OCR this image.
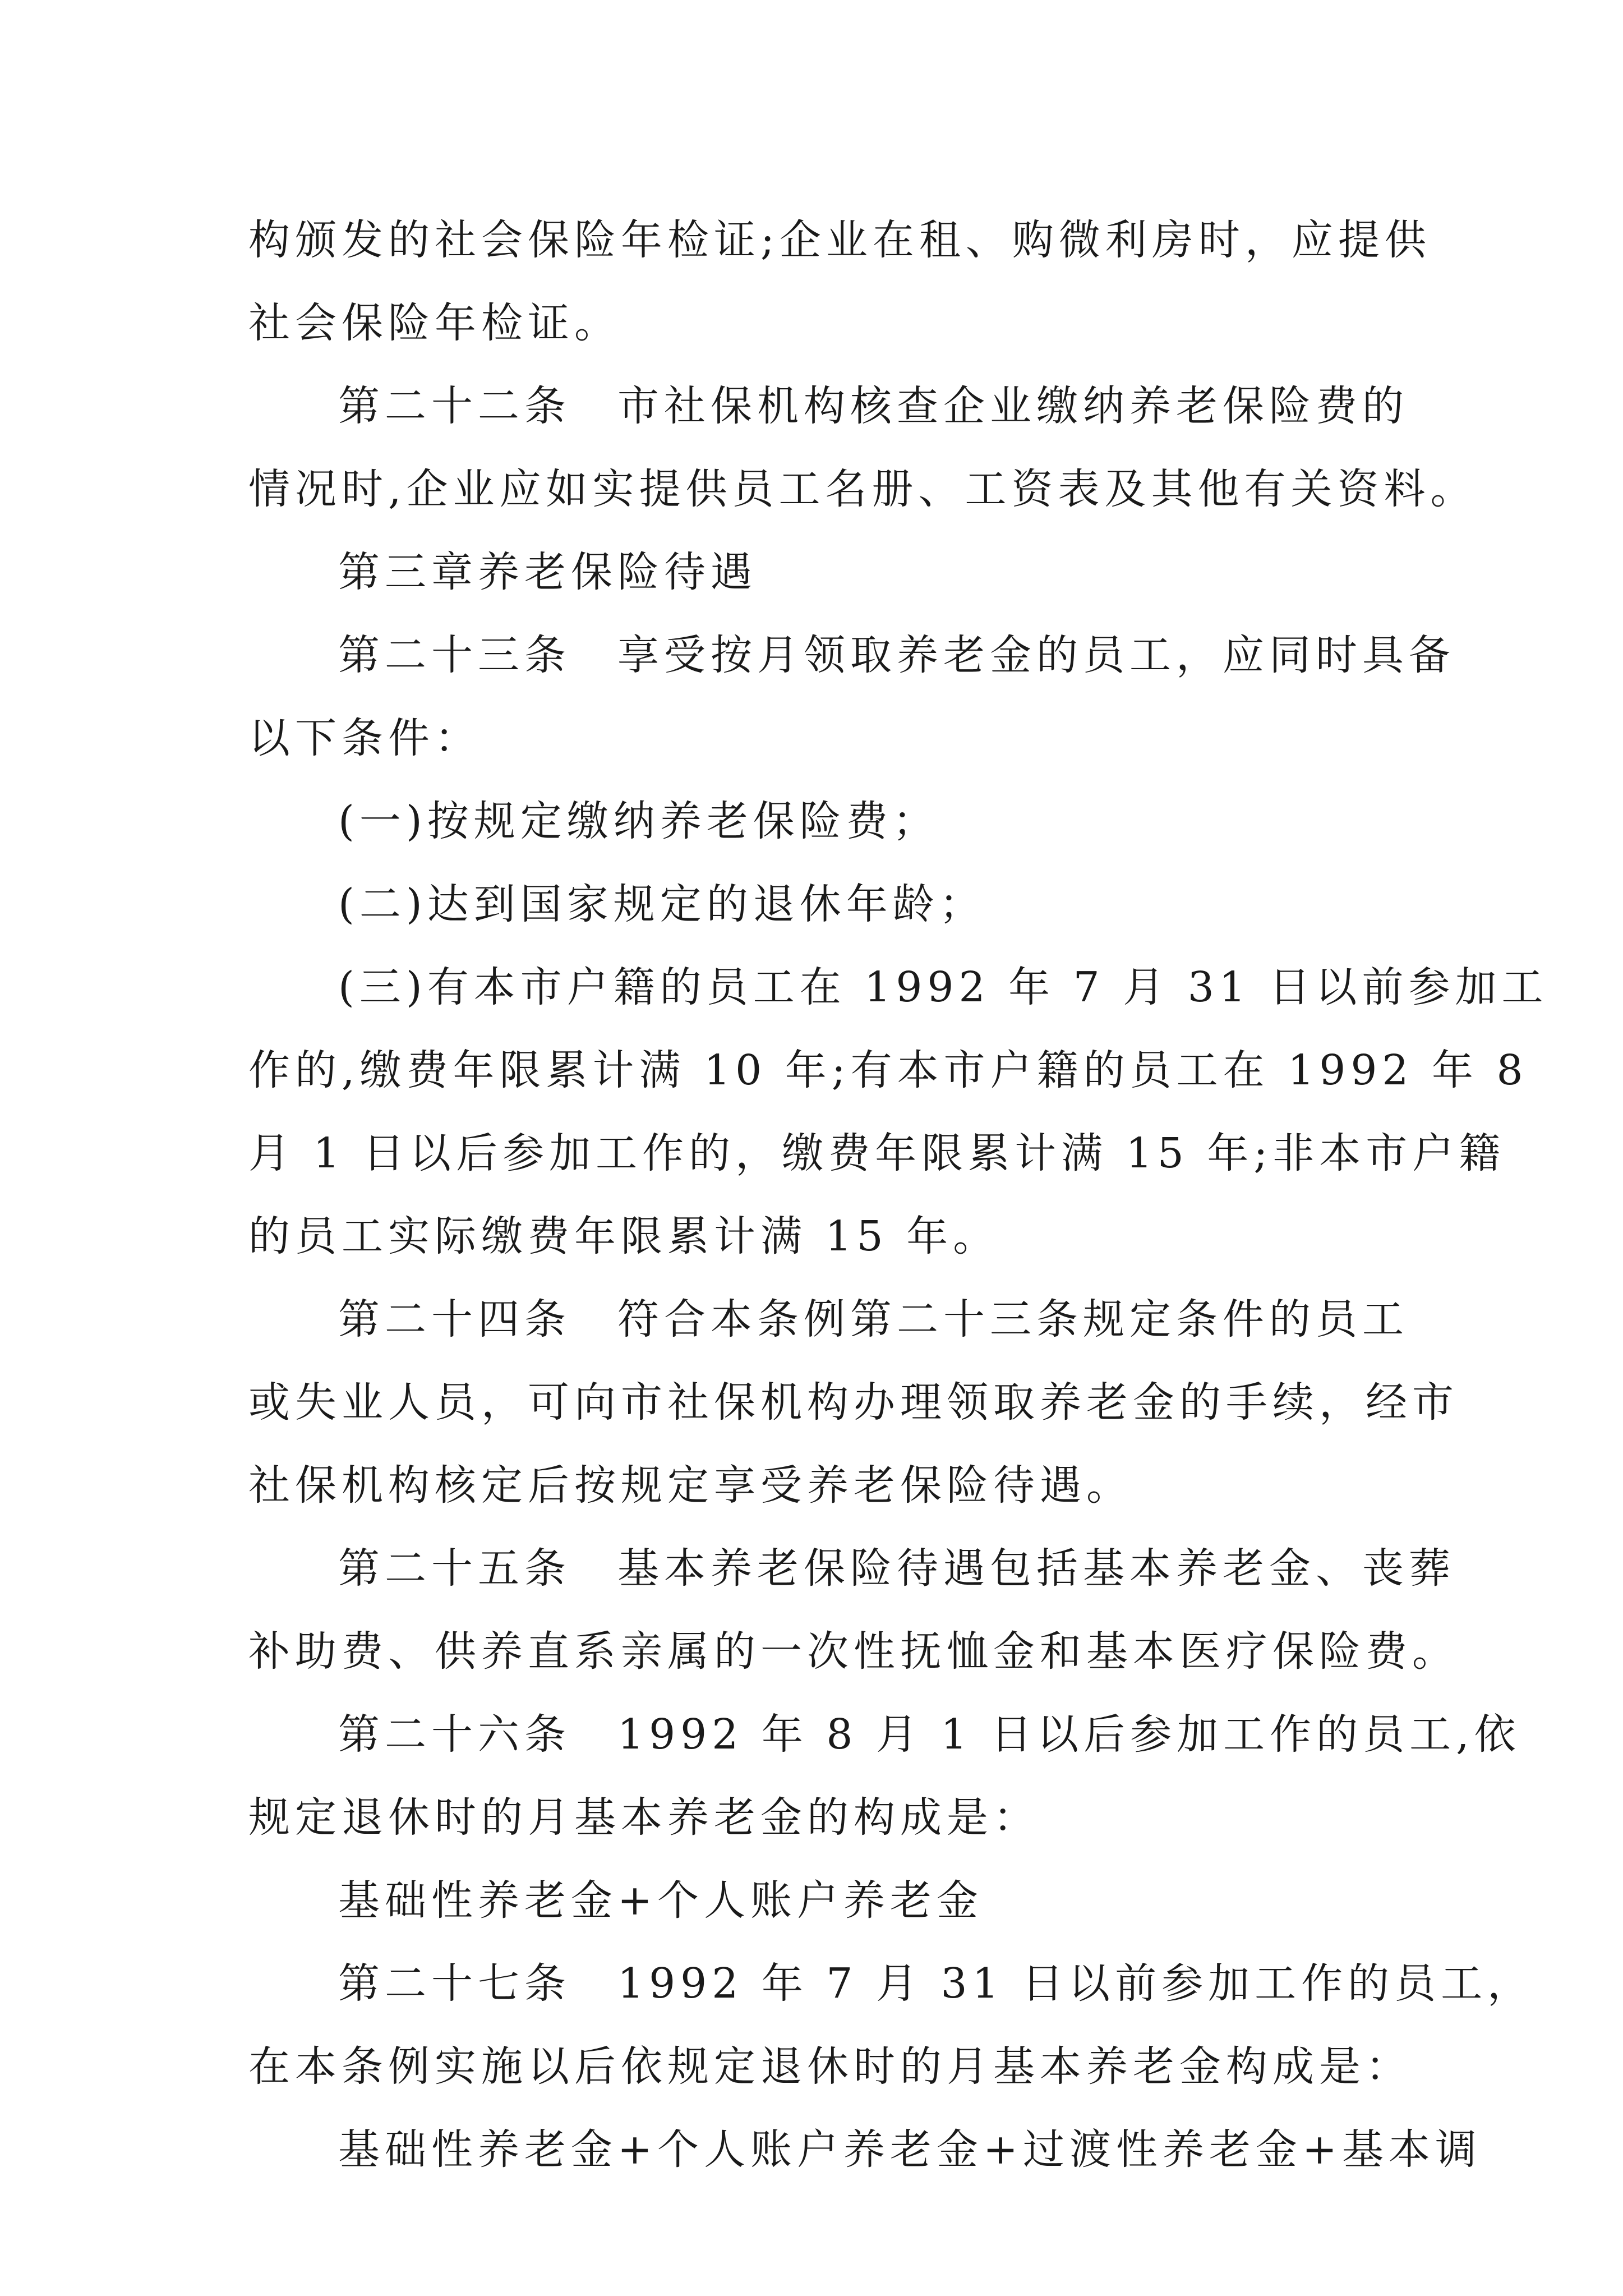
构颁发的社会保险年检证;企业在租、购微利房时，应提供
社会保险年检证。
第二十二条　市社保机构核查企业缴纳养老保险费的
情况时,企业应如实提供员工名册、工资表及其他有关资料。
第三章养老保险待遇
第二十三条　享受按月领取养老金的员工，应同时具备
以下条件：
(一)按规定缴纳养老保险费；
(二)达到国家规定的退休年龄；
(三)有本市户籍的员工在 1992 年 7 月 31 日以前参加工
作的,缴费年限累计满 10 年;有本市户籍的员工在 1992 年 8
月 1 日以后参加工作的，缴费年限累计满 15 年;非本市户籍
的员工实际缴费年限累计满 15 年。
第二十四条　符合本条例第二十三条规定条件的员工
或失业人员，可向市社保机构办理领取养老金的手续，经市
社保机构核定后按规定享受养老保险待遇。
第二十五条　基本养老保险待遇包括基本养老金、丧葬
补助费、供养直系亲属的一次性抚恤金和基本医疗保险费。
第二十六条　1992 年 8 月 1 日以后参加工作的员工,依
规定退休时的月基本养老金的构成是：
基础性养老金+个人账户养老金
第二十七条　1992 年 7 月 31 日以前参加工作的员工，
在本条例实施以后依规定退休时的月基本养老金构成是：
基础性养老金+个人账户养老金+过渡性养老金+基本调
